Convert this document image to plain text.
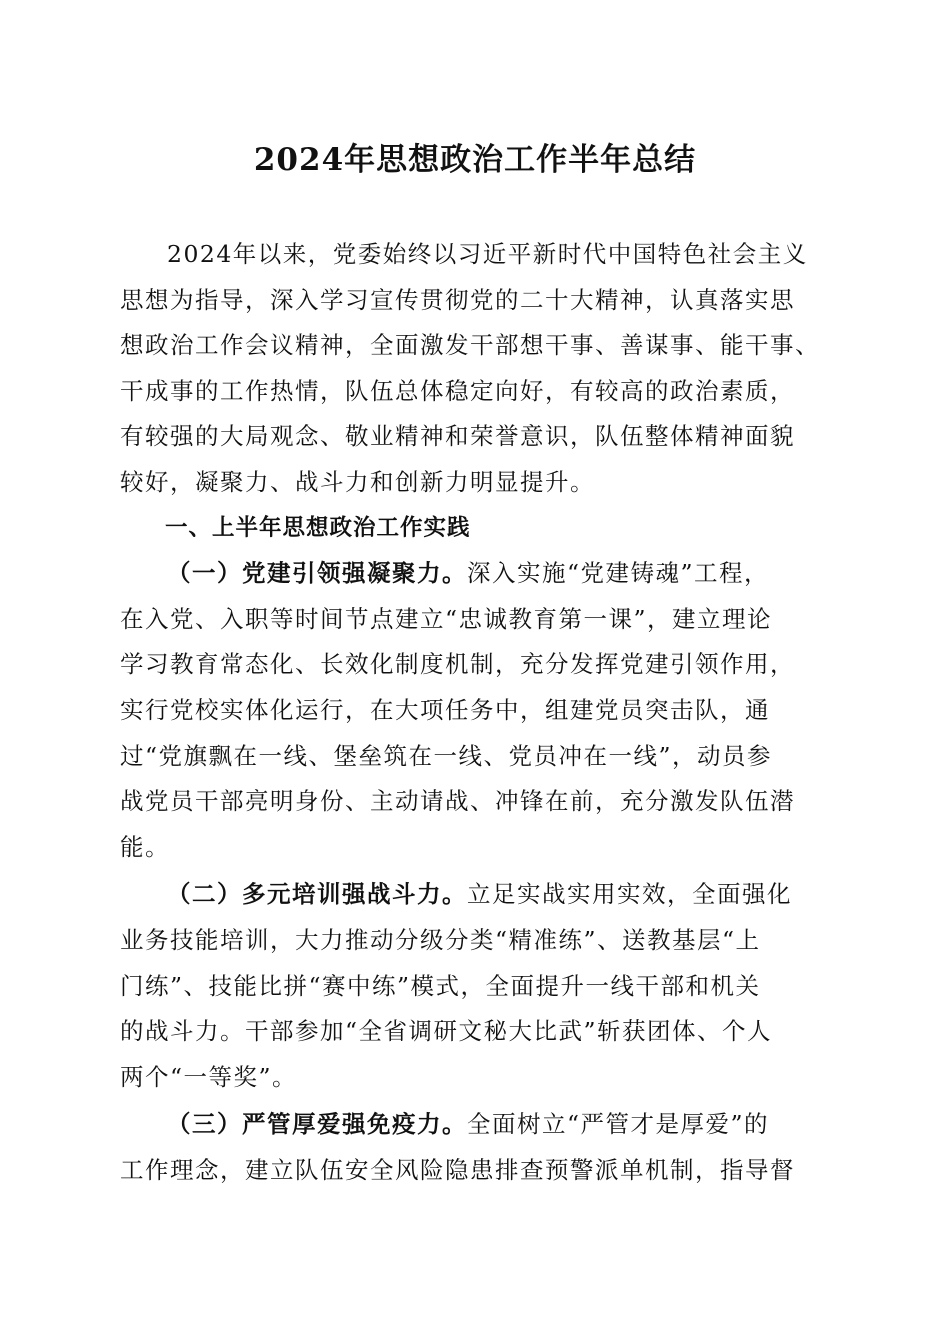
2024年思想政治工作半年总结

2024年以来，党委始终以习近平新时代中国特色社会主义
思想为指导，深入学习宣传贯彻党的二十大精神，认真落实思
想政治工作会议精神，全面激发干部想干事、善谋事、能干事、
干成事的工作热情，队伍总体稳定向好，有较高的政治素质，
有较强的大局观念、敬业精神和荣誉意识，队伍整体精神面貌
较好，凝聚力、战斗力和创新力明显提升。

一、上半年思想政治工作实践

（一）党建引领强凝聚力。深入实施“党建铸魂”工程，
在入党、入职等时间节点建立“忠诚教育第一课”，建立理论
学习教育常态化、长效化制度机制，充分发挥党建引领作用，
实行党校实体化运行，在大项任务中，组建党员突击队，通
过“党旗飘在一线、堡垒筑在一线、党员冲在一线”，动员参
战党员干部亮明身份、主动请战、冲锋在前，充分激发队伍潜
能。

（二）多元培训强战斗力。立足实战实用实效，全面强化
业务技能培训，大力推动分级分类“精准练”、送教基层“上
门练”、技能比拼“赛中练”模式，全面提升一线干部和机关
的战斗力。干部参加“全省调研文秘大比武”斩获团体、个人
两个“一等奖”。

（三）严管厚爱强免疫力。全面树立“严管才是厚爱”的
工作理念，建立队伍安全风险隐患排查预警派单机制，指导督
